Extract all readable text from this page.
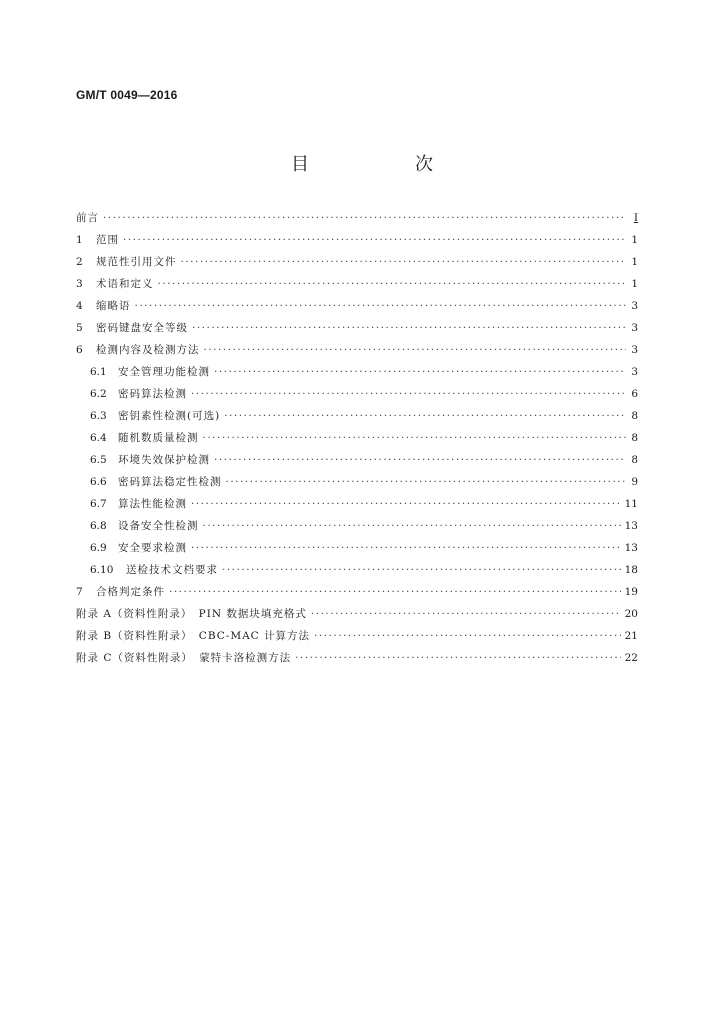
GM/T 0049—2016
目　次
前言 ·····	Ⅰ
1	范围 ·····	1
2	规范性引用文件 ·····	1
3	术语和定义 ·····	1
4	缩略语 ·····	3
5	密码键盘安全等级 ·····	3
6	检测内容及检测方法 ·····	3
6.1	安全管理功能检测 ·····	3
6.2	密码算法检测 ·····	6
6.3	密钥素性检测(可选) ·····	8
6.4	随机数质量检测 ·····	8
6.5	环境失效保护检测 ·····	8
6.6	密码算法稳定性检测 ·····	9
6.7	算法性能检测 ·····	11
6.8	设备安全性检测 ·····	13
6.9	安全要求检测 ·····	13
6.10	送检技术文档要求 ·····	18
7	合格判定条件 ·····	19
附录 A（资料性附录）　PIN 数据块填充格式 ·····	20
附录 B（资料性附录）　CBC-MAC 计算方法 ·····	21
附录 C（资料性附录）　蒙特卡洛检测方法 ·····	22
